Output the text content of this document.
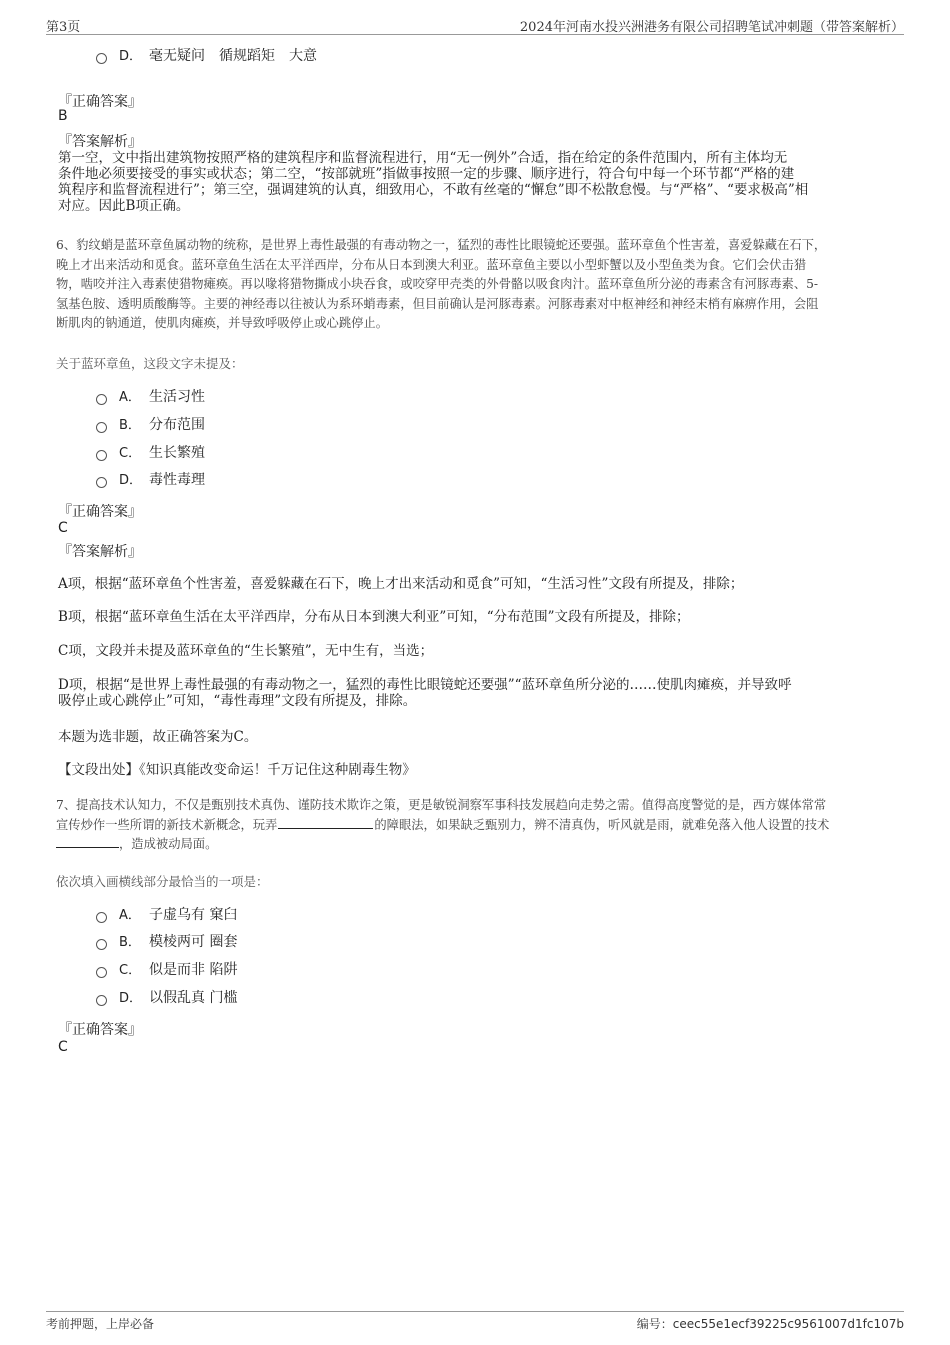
第3页	2024年河南水投兴洲港务有限公司招聘笔试冲刺题（带答案解析）
D． 毫无疑问　循规蹈矩　大意
『正确答案』
B
『答案解析』
第一空，文中指出建筑物按照严格的建筑程序和监督流程进行，用“无一例外”合适，指在给定的条件范围内，所有主体均无
条件地必须要接受的事实或状态；第二空，“按部就班”指做事按照一定的步骤、顺序进行，符合句中每一个环节都“严格的建
筑程序和监督流程进行”；第三空，强调建筑的认真，细致用心，不敢有丝毫的“懈怠”即不松散怠慢。与“严格”、“要求极高”相
对应。因此B项正确。
6、豹纹蛸是蓝环章鱼属动物的统称，是世界上毒性最强的有毒动物之一，猛烈的毒性比眼镜蛇还要强。蓝环章鱼个性害羞，喜爱躲藏在石下，
晚上才出来活动和觅食。蓝环章鱼生活在太平洋西岸，分布从日本到澳大利亚。蓝环章鱼主要以小型虾蟹以及小型鱼类为食。它们会伏击猎
物，啮咬并注入毒素使猎物瘫痪。再以喙将猎物撕成小块吞食，或咬穿甲壳类的外骨骼以吸食肉汁。蓝环章鱼所分泌的毒素含有河豚毒素、5-
氢基色胺、透明质酸酶等。主要的神经毒以往被认为系环蛸毒素，但目前确认是河豚毒素。河豚毒素对中枢神经和神经末梢有麻痹作用，会阻
断肌肉的钠通道，使肌肉瘫痪，并导致呼吸停止或心跳停止。
关于蓝环章鱼，这段文字未提及：
A． 生活习性
B． 分布范围
C． 生长繁殖
D． 毒性毒理
『正确答案』
C
『答案解析』
A项，根据“蓝环章鱼个性害羞，喜爱躲藏在石下，晚上才出来活动和觅食”可知，“生活习性”文段有所提及，排除；
B项，根据“蓝环章鱼生活在太平洋西岸，分布从日本到澳大利亚”可知，“分布范围”文段有所提及，排除；
C项，文段并未提及蓝环章鱼的“生长繁殖”，无中生有，当选；
D项，根据“是世界上毒性最强的有毒动物之一，猛烈的毒性比眼镜蛇还要强”“蓝环章鱼所分泌的……使肌肉瘫痪，并导致呼
吸停止或心跳停止”可知，“毒性毒理”文段有所提及，排除。
本题为选非题，故正确答案为C。
【文段出处】《知识真能改变命运！千万记住这种剧毒生物》
7、提高技术认知力，不仅是甄别技术真伪、谨防技术欺诈之策，更是敏锐洞察军事科技发展趋向走势之需。值得高度警觉的是，西方媒体常常
宣传炒作一些所谓的新技术新概念，玩弄	的障眼法，如果缺乏甄别力，辨不清真伪，听风就是雨，就难免落入他人设置的技术
，造成被动局面。
依次填入画横线部分最恰当的一项是：
A． 子虚乌有 窠臼
B． 模棱两可 圈套
C． 似是而非 陷阱
D． 以假乱真 门槛
『正确答案』
C
考前押题，上岸必备	编号：ceec55e1ecf39225c9561007d1fc107b
